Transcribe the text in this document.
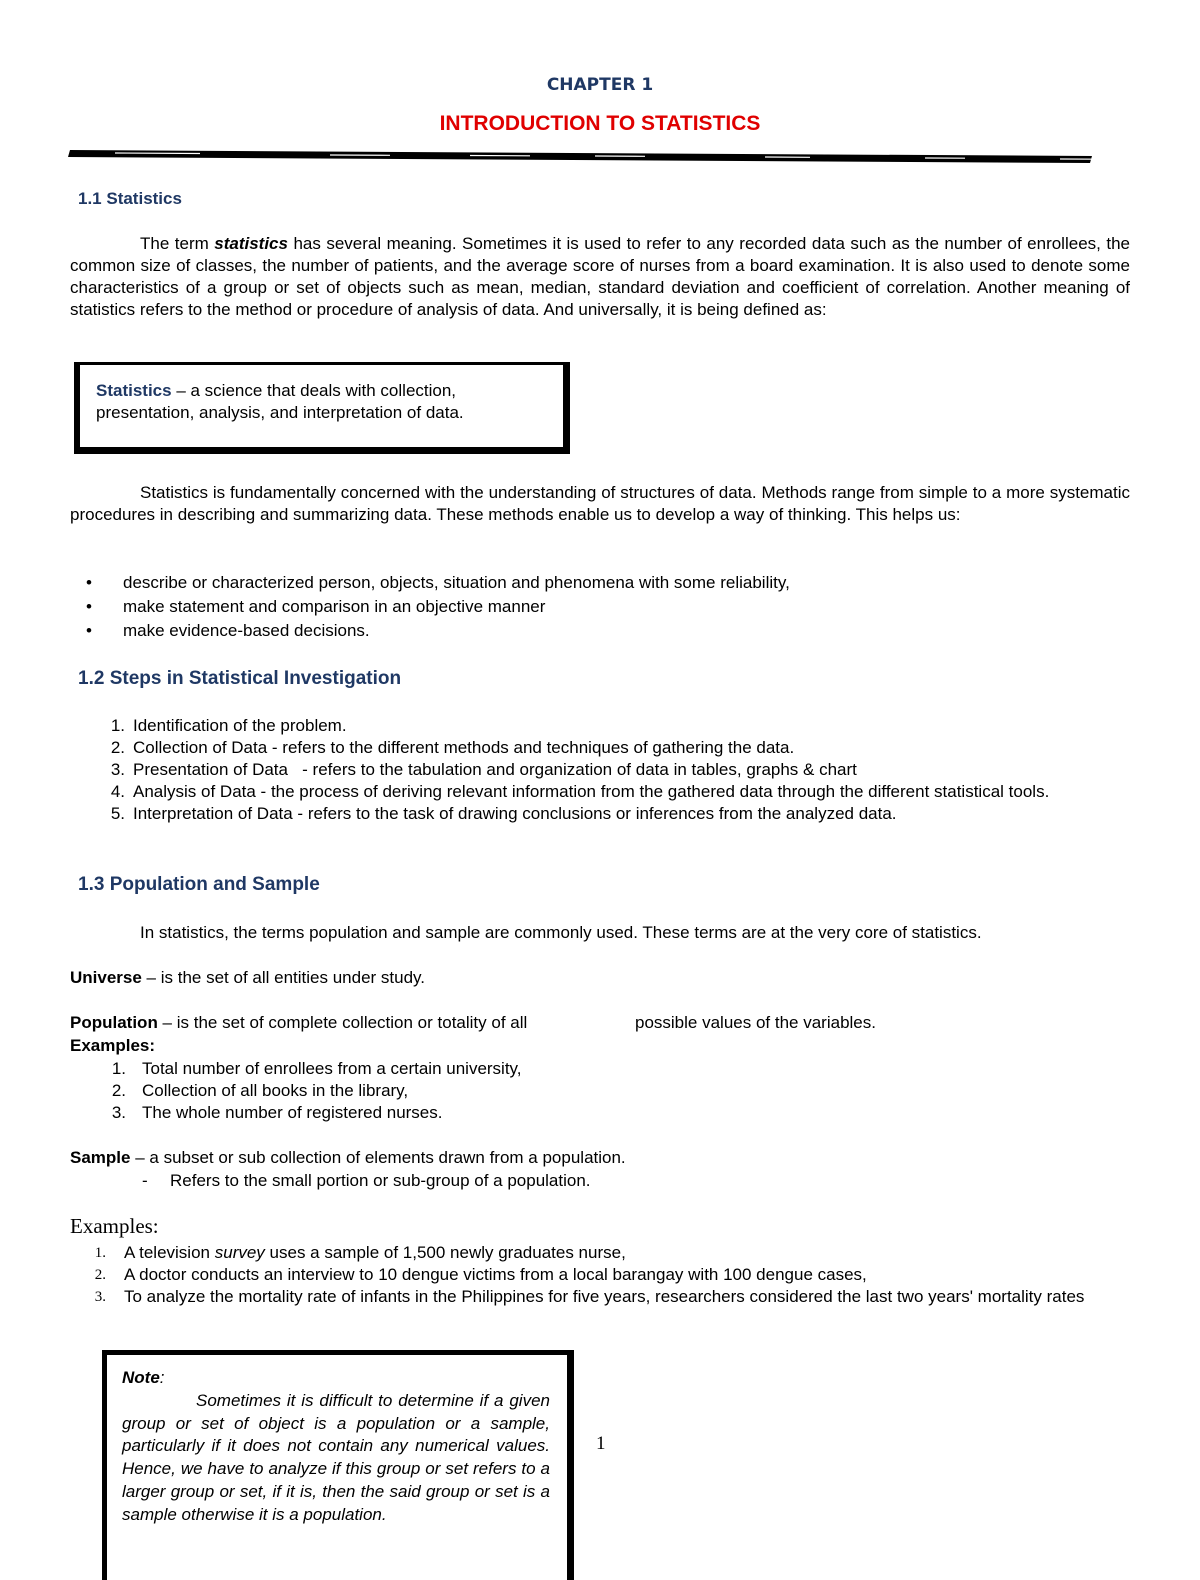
CHAPTER 1
INTRODUCTION TO STATISTICS
1.1 Statistics
The term statistics has several meaning. Sometimes it is used to refer to any recorded data such as the number of enrollees, the common size of classes, the number of patients, and the average score of nurses from a board examination. It is also used to denote some characteristics of a group or set of objects such as mean, median, standard deviation and coefficient of correlation. Another meaning of statistics refers to the method or procedure of analysis of data. And universally, it is being defined as:
Statistics – a science that deals with collection, presentation, analysis, and interpretation of data.
Statistics is fundamentally concerned with the understanding of structures of data. Methods range from simple to a more systematic procedures in describing and summarizing data. These methods enable us to develop a way of thinking. This helps us:
• describe or characterized person, objects, situation and phenomena with some reliability,
• make statement and comparison in an objective manner
• make evidence-based decisions.
1.2 Steps in Statistical Investigation
1. Identification of the problem.
2. Collection of Data - refers to the different methods and techniques of gathering the data.
3. Presentation of Data   - refers to the tabulation and organization of data in tables, graphs & chart
4. Analysis of Data - the process of deriving relevant information from the gathered data through the different statistical tools.
5. Interpretation of Data - refers to the task of drawing conclusions or inferences from the analyzed data.
1.3 Population and Sample
In statistics, the terms population and sample are commonly used. These terms are at the very core of statistics.
Universe – is the set of all entities under study.
Population – is the set of complete collection or totality of all	possible values of the variables.
Examples:
1. Total number of enrollees from a certain university,
2. Collection of all books in the library,
3. The whole number of registered nurses.
Sample – a subset or sub collection of elements drawn from a population.
- Refers to the small portion or sub-group of a population.
Examples:
1. A television survey uses a sample of 1,500 newly graduates nurse,
2. A doctor conducts an interview to 10 dengue victims from a local barangay with 100 dengue cases,
3. To analyze the mortality rate of infants in the Philippines for five years, researchers considered the last two years' mortality rates
Note:
Sometimes it is difficult to determine if a given group or set of object is a population or a sample, particularly if it does not contain any numerical values. Hence, we have to analyze if this group or set refers to a larger group or set, if it is, then the said group or set is a sample otherwise it is a population.
1
